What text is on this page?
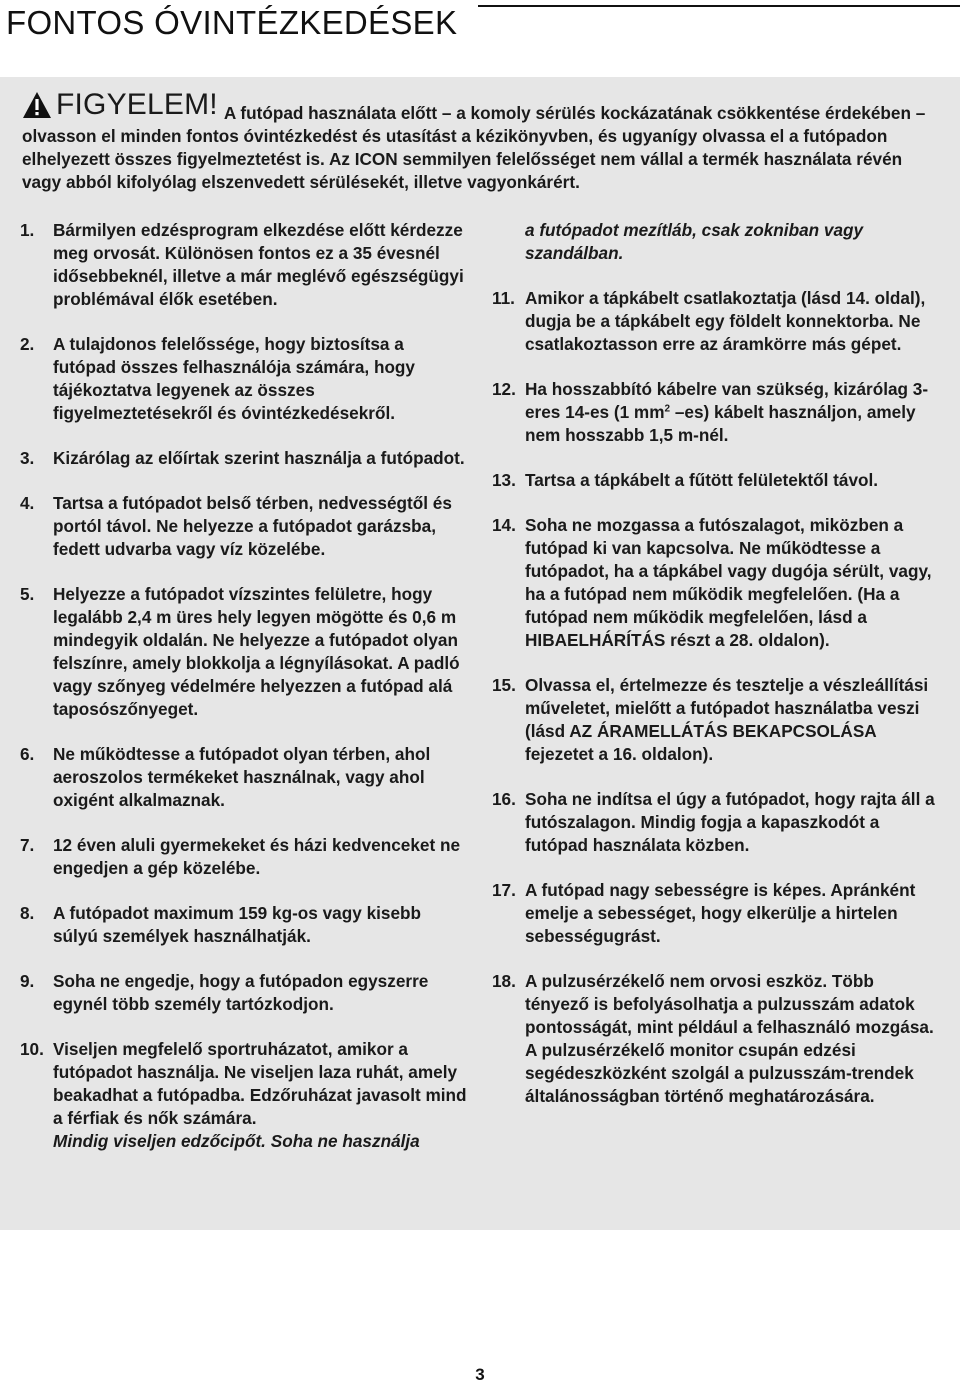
FONTOS ÓVINTÉZKEDÉSEK
FIGYELEM! A futópad használata előtt – a komoly sérülés kockázatának csökkentése érdekében – olvasson el minden fontos óvintézkedést és utasítást a kézikönyvben, és ugyanígy olvassa el a futópadon elhelyezett összes figyelmeztetést is. Az ICON semmilyen felelősséget nem vállal a termék használata révén vagy abból kifolyólag elszenvedett sérülésekét, illetve vagyonkárért.
1.	Bármilyen edzésprogram elkezdése előtt kérdezze meg orvosát. Különösen fontos ez a 35 évesnél idősebbeknél, illetve a már meglévő egészségügyi problémával élők esetében.
2.	A tulajdonos felelőssége, hogy biztosítsa a futópad összes felhasználója számára, hogy tájékoztatva legyenek az összes figyelmeztetésekről és óvintézkedésekről.
3.	Kizárólag az előírtak szerint használja a futópadot.
4.	Tartsa a futópadot belső térben, nedvességtől és portól távol. Ne helyezze a futópadot garázsba, fedett udvarba vagy víz közelébe.
5.	Helyezze a futópadot vízszintes felületre, hogy legalább 2,4 m üres hely legyen mögötte és 0,6 m mindegyik oldalán. Ne helyezze a futópadot olyan felszínre, amely blokkolja a légnyílásokat. A padló vagy szőnyeg védelmére helyezzen a futópad alá taposószőnyeget.
6.	Ne működtesse a futópadot olyan térben, ahol aeroszolos termékeket használnak, vagy ahol oxigént alkalmaznak.
7.	12 éven aluli gyermekeket és házi kedvenceket ne engedjen a gép közelébe.
8.	A futópadot maximum 159 kg-os vagy kisebb súlyú személyek használhatják.
9.	Soha ne engedje, hogy a futópadon egyszerre egynél több személy tartózkodjon.
10. Viseljen megfelelő sportruházatot, amikor a futópadot használja. Ne viseljen laza ruhát, amely beakadhat a futópadba. Edzőruházat javasolt mind a férfiak és nők számára.
Mindig viseljen edzőcipőt. Soha ne használja
a futópadot mezítláb, csak zokniban vagy szandálban.
11. Amikor a tápkábelt csatlakoztatja (lásd 14. oldal), dugja be a tápkábelt egy földelt konnektorba. Ne csatlakoztasson erre az áramkörre más gépet.
12. Ha hosszabbító kábelre van szükség, kizárólag 3-eres 14-es (1 $mm^2$ –es) kábelt használjon, amely nem hosszabb 1,5 m-nél.
13. Tartsa a tápkábelt a fűtött felületektől távol.
14. Soha ne mozgassa a futószalagot, miközben a futópad ki van kapcsolva. Ne működtesse a futópadot, ha a tápkábel vagy dugója sérült, vagy, ha a futópad nem működik megfelelően. (Ha a futópad nem működik megfelelően, lásd a HIBAELHÁRÍTÁS részt a 28. oldalon).
15. Olvassa el, értelmezze és tesztelje a vészleállítási műveletet, mielőtt a futópadot használatba veszi (lásd AZ ÁRAMELLÁTÁS BEKAPCSOLÁSA fejezetet a 16. oldalon).
16. Soha ne indítsa el úgy a futópadot, hogy rajta áll a futószalagon. Mindig fogja a kapaszkodót a futópad használata közben.
17. A futópad nagy sebességre is képes. Apránként emelje a sebességet, hogy elkerülje a hirtelen sebességugrást.
18. A pulzusérzékelő nem orvosi eszköz. Több tényező is befolyásolhatja a pulzusszám adatok pontosságát, mint például a felhasználó mozgása. A pulzusérzékelő monitor csupán edzési segédeszközként szolgál a pulzusszám-trendek általánosságban történő meghatározására.
3
